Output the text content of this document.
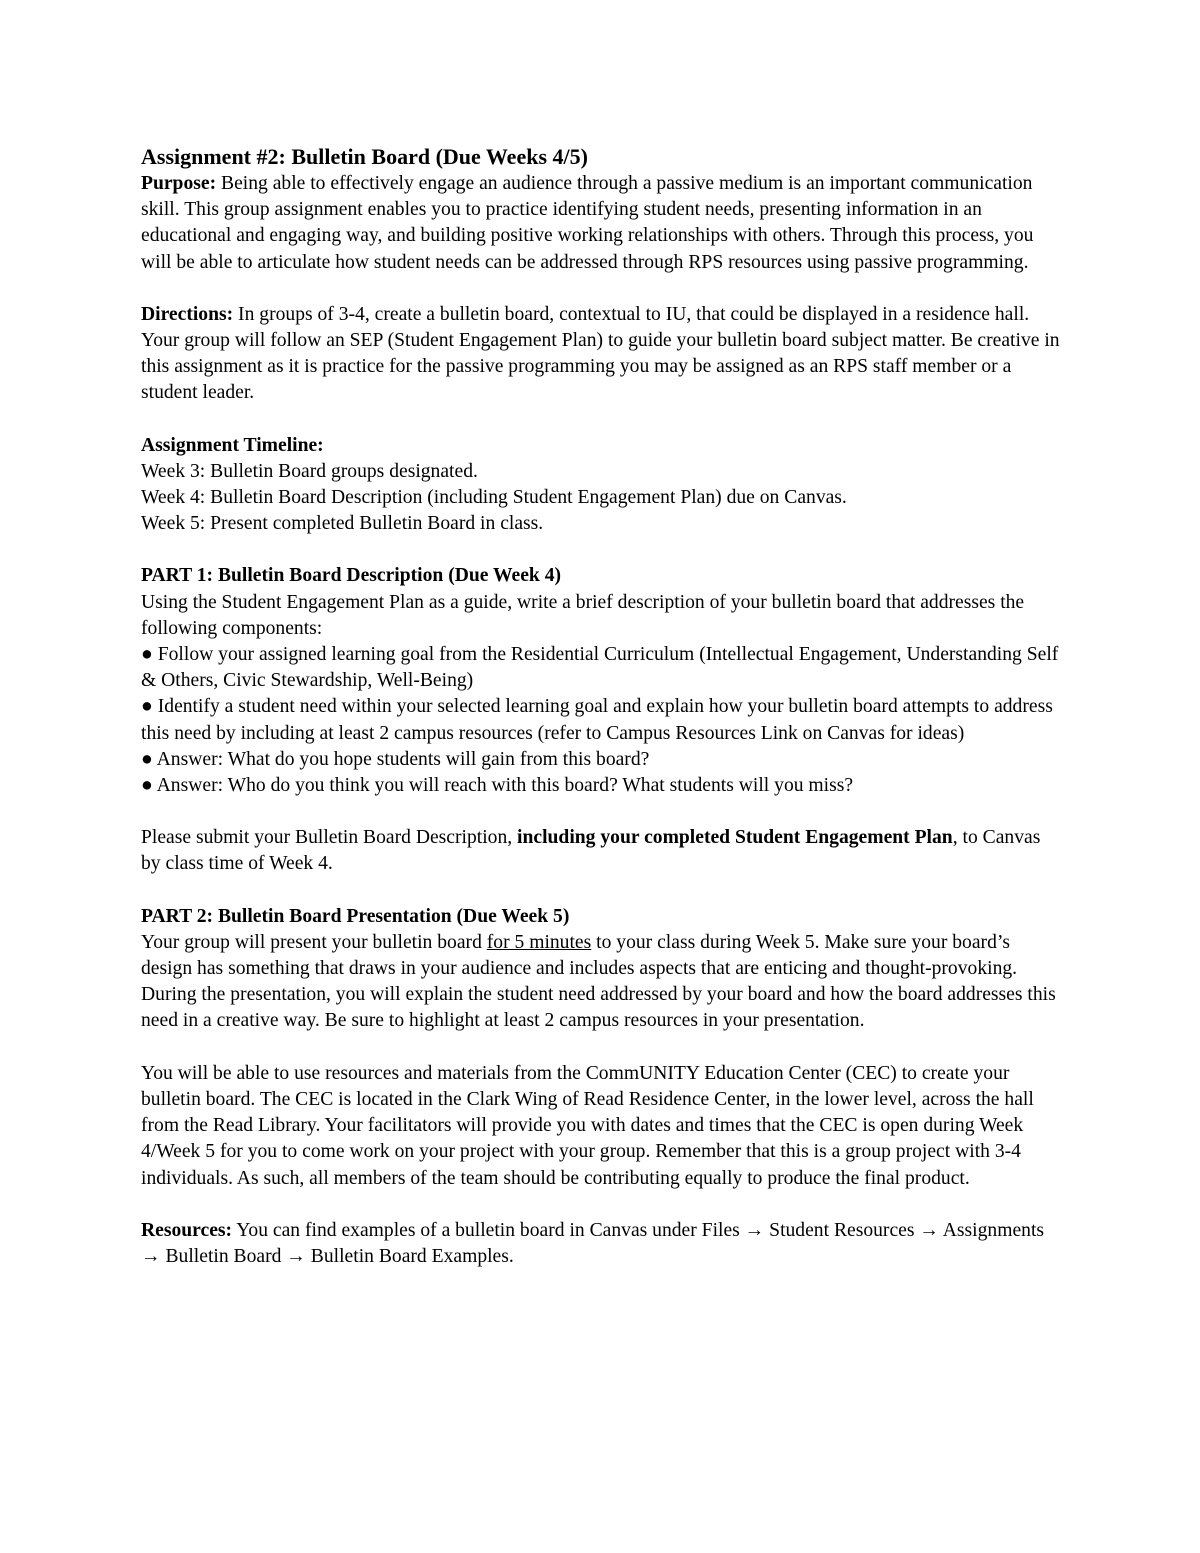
Assignment #2: Bulletin Board (Due Weeks 4/5)

Purpose: Being able to effectively engage an audience through a passive medium is an important communication skill. This group assignment enables you to practice identifying student needs, presenting information in an educational and engaging way, and building positive working relationships with others. Through this process, you will be able to articulate how student needs can be addressed through RPS resources using passive programming.

Directions: In groups of 3-4, create a bulletin board, contextual to IU, that could be displayed in a residence hall. Your group will follow an SEP (Student Engagement Plan) to guide your bulletin board subject matter. Be creative in this assignment as it is practice for the passive programming you may be assigned as an RPS staff member or a student leader.

Assignment Timeline:

Week 3: Bulletin Board groups designated.

Week 4: Bulletin Board Description (including Student Engagement Plan) due on Canvas.

Week 5: Present completed Bulletin Board in class.

PART 1: Bulletin Board Description (Due Week 4)

Using the Student Engagement Plan as a guide, write a brief description of your bulletin board that addresses the following components:

● Follow your assigned learning goal from the Residential Curriculum (Intellectual Engagement, Understanding Self & Others, Civic Stewardship, Well-Being)

● Identify a student need within your selected learning goal and explain how your bulletin board attempts to address this need by including at least 2 campus resources (refer to Campus Resources Link on Canvas for ideas)

● Answer: What do you hope students will gain from this board?

● Answer: Who do you think you will reach with this board? What students will you miss?

Please submit your Bulletin Board Description, including your completed Student Engagement Plan, to Canvas by class time of Week 4.

PART 2: Bulletin Board Presentation (Due Week 5)

Your group will present your bulletin board for 5 minutes to your class during Week 5. Make sure your board’s design has something that draws in your audience and includes aspects that are enticing and thought-provoking. During the presentation, you will explain the student need addressed by your board and how the board addresses this need in a creative way. Be sure to highlight at least 2 campus resources in your presentation.

You will be able to use resources and materials from the CommUNITY Education Center (CEC) to create your bulletin board. The CEC is located in the Clark Wing of Read Residence Center, in the lower level, across the hall from the Read Library. Your facilitators will provide you with dates and times that the CEC is open during Week 4/Week 5 for you to come work on your project with your group. Remember that this is a group project with 3-4 individuals. As such, all members of the team should be contributing equally to produce the final product.

Resources: You can find examples of a bulletin board in Canvas under Files → Student Resources → Assignments → Bulletin Board → Bulletin Board Examples.
